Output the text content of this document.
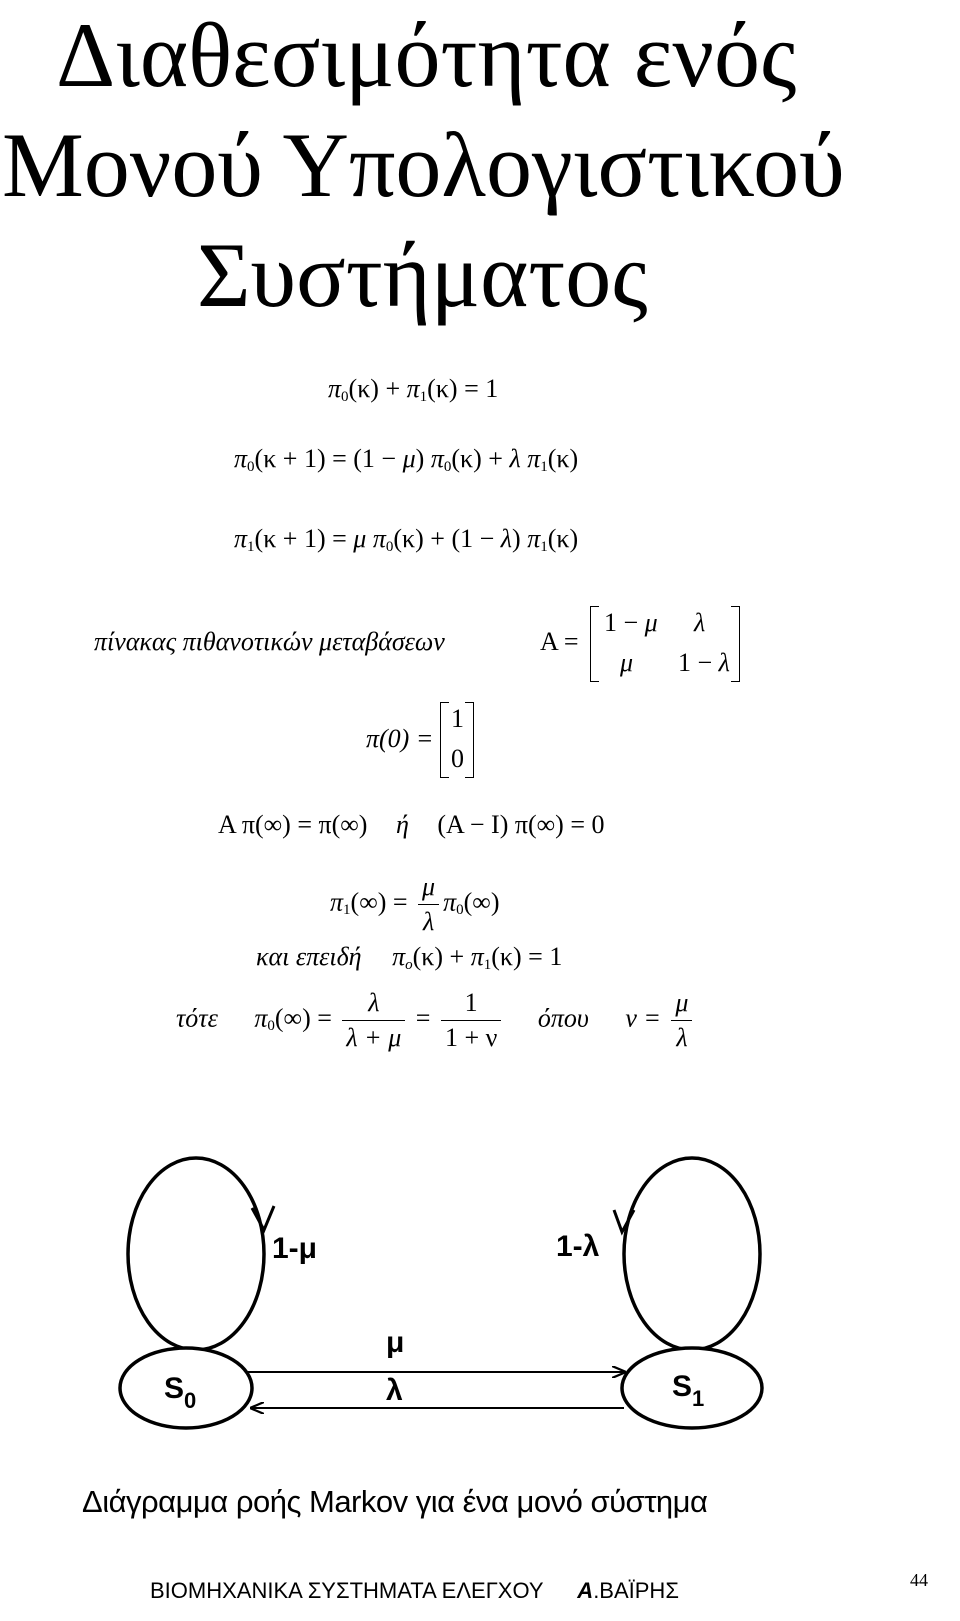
Διαθεσιμότητα ενός
Μονού Υπολογιστικού
Συστήματος
$\pi_0(\kappa) + \pi_1(\kappa) = 1$
$\pi_0(\kappa + 1) = (1 - \mu) \pi_0(\kappa) + \lambda$ $\pi_1(\kappa)$
$\pi_1(\kappa + 1) = \mu$ $\pi_0(\kappa) + (1 - \lambda)$ $\pi_1(\kappa)$
πίνακας πιθανοτικών μεταβάσεων	A =
1 − μ λ
μ 1 − λ
π(0) =
1
0
A π(∞) = π(∞) ή (A − I) π(∞) = 0
$\pi_1(\infty) = \frac{\mu}{\lambda} \pi_0(\infty)$
και επειδή $\pi_o(\kappa) + \pi_1(\kappa) = 1$
τότε $\pi_0(\infty) = \frac{\lambda}{\lambda + \mu} = \frac{1}{1 + \nu}$ όπου $\nu = \frac{\mu}{\lambda}$
1-μ	1-λ
μ
λ
$S_0$	$S_1$
Διάγραμμα ροής Markov για ένα μονό σύστημα
ΒΙΟΜΗΧΑΝΙΚΑ ΣΥΣΤΗΜΑΤΑ ΕΛΕΓΧΟΥ Α.ΒΑΪΡΗΣ	44
